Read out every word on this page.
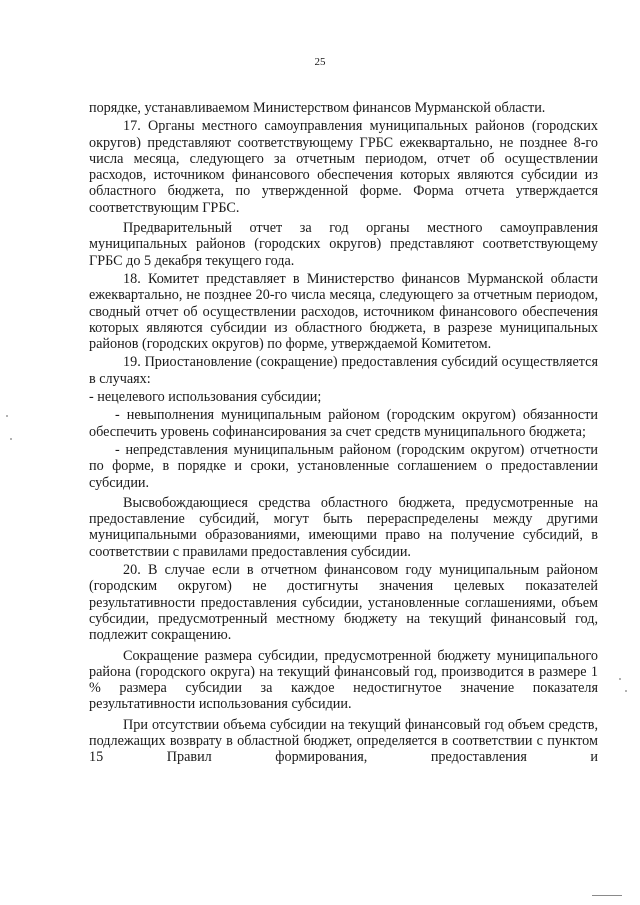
25

порядке, устанавливаемом Министерством финансов Мурманской области.

17. Органы местного самоуправления муниципальных районов (городских округов) представляют соответствующему ГРБС ежеквартально, не позднее 8-го числа месяца, следующего за отчетным периодом, отчет об осуществлении расходов, источником финансового обеспечения которых являются субсидии из областного бюджета, по утвержденной форме. Форма отчета утверждается соответствующим ГРБС.

Предварительный отчет за год органы местного самоуправления муниципальных районов (городских округов) представляют соответствующему ГРБС до 5 декабря текущего года.

18. Комитет представляет в Министерство финансов Мурманской области ежеквартально, не позднее 20-го числа месяца, следующего за отчетным периодом, сводный отчет об осуществлении расходов, источником финансового обеспечения которых являются субсидии из областного бюджета, в разрезе муниципальных районов (городских округов) по форме, утверждаемой Комитетом.

19. Приостановление (сокращение) предоставления субсидий осуществляется в случаях:

- нецелевого использования субсидии;

- невыполнения муниципальным районом (городским округом) обязанности обеспечить уровень софинансирования за счет средств муниципального бюджета;

- непредставления муниципальным районом (городским округом) отчетности по форме, в порядке и сроки, установленные соглашением о предоставлении субсидии.

Высвобождающиеся средства областного бюджета, предусмотренные на предоставление субсидий, могут быть перераспределены между другими муниципальными образованиями, имеющими право на получение субсидий, в соответствии с правилами предоставления субсидии.

20. В случае если в отчетном финансовом году муниципальным районом (городским округом) не достигнуты значения целевых показателей результативности предоставления субсидии, установленные соглашениями, объем субсидии, предусмотренный местному бюджету на текущий финансовый год, подлежит сокращению.

Сокращение размера субсидии, предусмотренной бюджету муниципального района (городского округа) на текущий финансовый год, производится в размере 1 % размера субсидии за каждое недостигнутое значение показателя результативности использования субсидии.

При отсутствии объема субсидии на текущий финансовый год объем средств, подлежащих возврату в областной бюджет, определяется в соответствии с пунктом 15 Правил формирования, предоставления и
